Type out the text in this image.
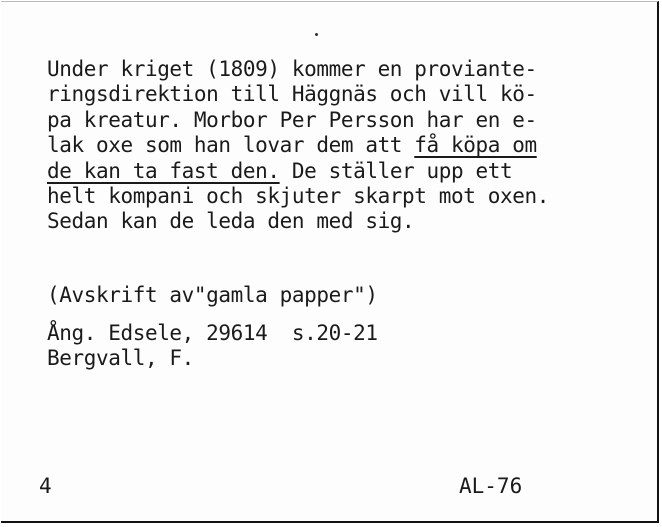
Under kriget (1809) kommer en proviante-
ringsdirektion till Häggnäs och vill kö-
pa kreatur. Morbor Per Persson har en e-
lak oxe som han lovar dem att få köpa om
de kan ta fast den. De ställer upp ett
helt kompani och skjuter skarpt mot oxen.
Sedan kan de leda den med sig.
(Avskrift av"gamla papper")
Ång. Edsele, 29614  s.20-21
Bergvall, F.
4	AL-76
